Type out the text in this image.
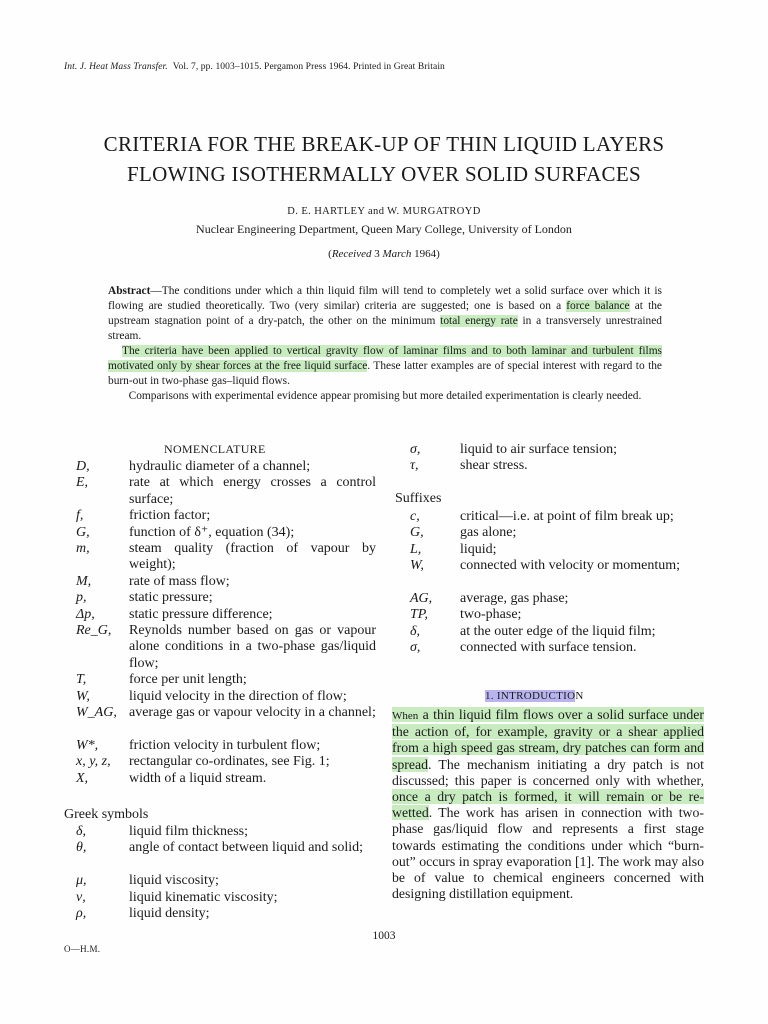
Int. J. Heat Mass Transfer. Vol. 7, pp. 1003–1015. Pergamon Press 1964. Printed in Great Britain
CRITERIA FOR THE BREAK-UP OF THIN LIQUID LAYERS
FLOWING ISOTHERMALLY OVER SOLID SURFACES
D. E. HARTLEY and W. MURGATROYD
Nuclear Engineering Department, Queen Mary College, University of London
(Received 3 March 1964)

Abstract—The conditions under which a thin liquid film will tend to completely wet a solid surface over which it is flowing are studied theoretically. Two (very similar) criteria are suggested; one is based on a force balance at the upstream stagnation point of a dry-patch, the other on the minimum total energy rate in a transversely unrestrained stream.

The criteria have been applied to vertical gravity flow of laminar films and to both laminar and turbulent films motivated only by shear forces at the free liquid surface. These latter examples are of special interest with regard to the burn-out in two-phase gas–liquid flows.

Comparisons with experimental evidence appear promising but more detailed experimentation is clearly needed.

NOMENCLATURE
D,	hydraulic diameter of a channel;
E,	rate at which energy crosses a control surface;
f,	friction factor;
G,	function of δ⁺, equation (34);
m,	steam quality (fraction of vapour by weight);
M,	rate of mass flow;
p,	static pressure;
Δp, static pressure difference;
Re_G, Reynolds number based on gas or vapour alone conditions in a two-phase gas/liquid flow;
T,	force per unit length;
W,	liquid velocity in the direction of flow;
W_AG, average gas or vapour velocity in a channel;
W*, friction velocity in turbulent flow;
x, y, z, rectangular co-ordinates, see Fig. 1;
X,	width of a liquid stream.
Greek symbols
δ,	liquid film thickness;
θ,	angle of contact between liquid and solid;
μ,	liquid viscosity;
ν,	liquid kinematic viscosity;
ρ,	liquid density;
σ,	liquid to air surface tension;
τ,	shear stress.
Suffixes
c,	critical—i.e. at point of film break up;
G,	gas alone;
L,	liquid;
W,	connected with velocity or momentum;
AG, average, gas phase;
TP, two-phase;
δ,	at the outer edge of the liquid film;
σ,	connected with surface tension.
1. INTRODUCTION
When a thin liquid film flows over a solid surface under the action of, for example, gravity or a shear applied from a high speed gas stream, dry patches can form and spread. The mechanism initiating a dry patch is not discussed; this paper is concerned only with whether, once a dry patch is formed, it will remain or be re-wetted. The work has arisen in connection with two-phase gas/liquid flow and represents a first stage towards estimating the conditions under which “burn-out” occurs in spray evaporation [1]. The work may also be of value to chemical engineers concerned with designing distillation equipment.
1003
O—H.M.
